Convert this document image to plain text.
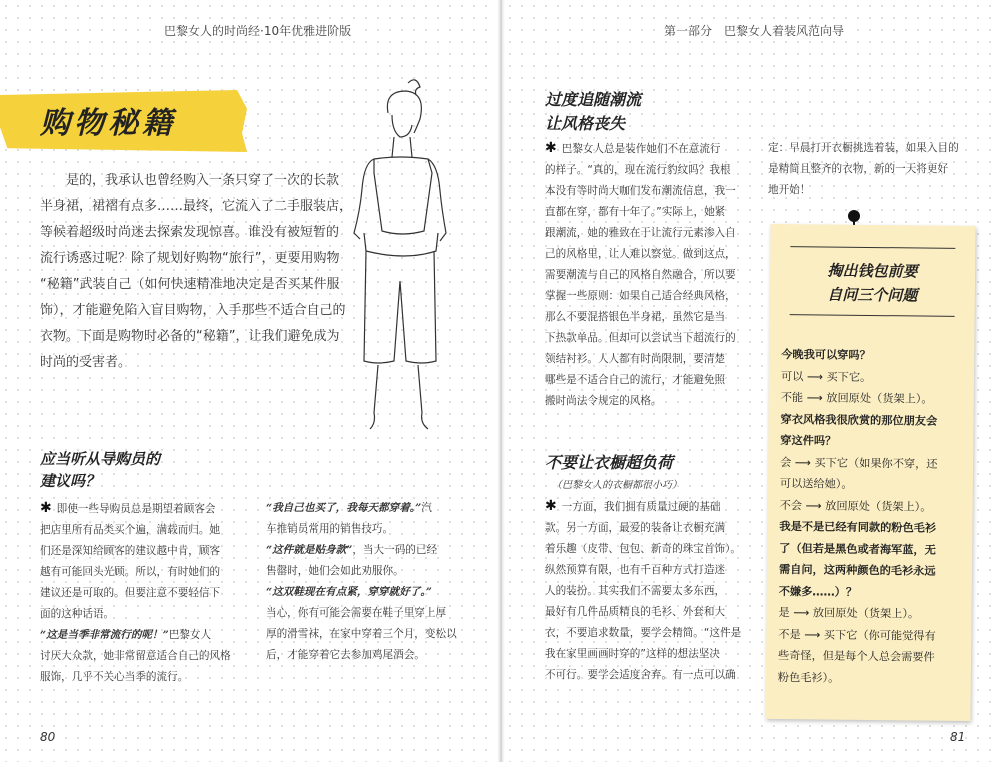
巴黎女人的时尚经·10年优雅进阶版
购物秘籍
是的，我承认也曾经购入一条只穿了一次的长款
半身裙，裙褶有点多……最终，它流入了二手服装店，
等候着超级时尚迷去探索发现惊喜。谁没有被短暂的
流行诱惑过呢？除了规划好购物“旅行”，更要用购物
“秘籍”武装自己（如何快速精准地决定是否买某件服
饰），才能避免陷入盲目购物，入手那些不适合自己的
衣物。下面是购物时必备的“秘籍”，让我们避免成为
时尚的受害者。
应当听从导购员的
建议吗？
✱ 即使一些导购员总是期望着顾客会
把店里所有品类买个遍，满载而归。她
们还是深知给顾客的建议越中肯，顾客
越有可能回头光顾。所以，有时她们的
建议还是可取的。但要注意不要轻信下
面的这种话语。
“这是当季非常流行的呢！”巴黎女人
讨厌大众款，她非常留意适合自己的风格
服饰，几乎不关心当季的流行。
“我自己也买了，我每天都穿着。”汽
车推销员常用的销售技巧。
“这件就是贴身款”，当大一码的已经
售罄时，她们会如此劝服你。
“这双鞋现在有点紧，穿穿就好了。”
当心，你有可能会需要在鞋子里穿上厚
厚的滑雪袜，在家中穿着三个月，变松以
后，才能穿着它去参加鸡尾酒会。
80
第一部分　巴黎女人着装风范向导
过度追随潮流
让风格丧失
✱ 巴黎女人总是装作她们不在意流行
的样子。“真的，现在流行豹纹吗？我根
本没有等时尚大咖们发布潮流信息，我一
直都在穿，都有十年了。”实际上，她紧
跟潮流，她的雅致在于让流行元素渗入自
己的风格里，让人难以察觉。做到这点，
需要潮流与自己的风格自然融合，所以要
掌握一些原则：如果自己适合经典风格，
那么不要混搭银色半身裙，虽然它是当
下热款单品。但却可以尝试当下超流行的
领结衬衫。人人都有时尚限制，要清楚
哪些是不适合自己的流行，才能避免照
搬时尚法令规定的风格。
不要让衣橱超负荷
（巴黎女人的衣橱都很小巧）
✱ 一方面，我们拥有质量过硬的基础
款。另一方面，最爱的装备让衣橱充满
着乐趣（皮带、包包、新奇的珠宝首饰）。
纵然预算有限，也有千百种方式打造迷
人的装扮。其实我们不需要太多东西，
最好有几件品质精良的毛衫、外套和大
衣，不要追求数量，要学会精简。“这件是
我在家里画画时穿的”这样的想法坚决
不可行。要学会适度舍弃。有一点可以确
定：早晨打开衣橱挑选着装，如果入目的
是精简且整齐的衣物，新的一天将更好
地开始！
掏出钱包前要
自问三个问题
今晚我可以穿吗？
可以 ⟶ 买下它。
不能 ⟶ 放回原处（货架上）。
穿衣风格我很欣赏的那位朋友会
穿这件吗？
会 ⟶ 买下它（如果你不穿，还
可以送给她）。
不会 ⟶ 放回原处（货架上）。
我是不是已经有同款的粉色毛衫
了（但若是黑色或者海军蓝，无
需自问，这两种颜色的毛衫永远
不嫌多……）？
是 ⟶ 放回原处（货架上）。
不是 ⟶ 买下它（你可能觉得有
些奇怪，但是每个人总会需要件
粉色毛衫）。
81
